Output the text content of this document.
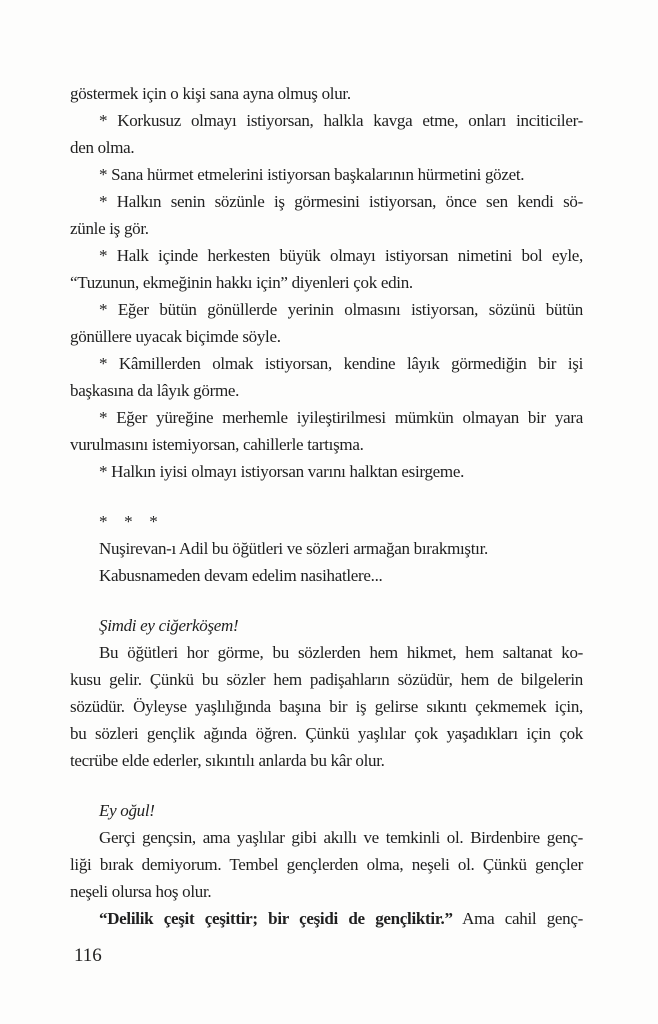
göstermek için o kişi sana ayna olmuş olur.
* Korkusuz olmayı istiyorsan, halkla kavga etme, onları inciticiler-
den olma.
* Sana hürmet etmelerini istiyorsan başkalarının hürmetini gözet.
* Halkın senin sözünle iş görmesini istiyorsan, önce sen kendi sö-
zünle iş gör.
* Halk içinde herkesten büyük olmayı istiyorsan nimetini bol eyle,
“Tuzunun, ekmeğinin hakkı için” diyenleri çok edin.
* Eğer bütün gönüllerde yerinin olmasını istiyorsan, sözünü bütün
gönüllere uyacak biçimde söyle.
* Kâmillerden olmak istiyorsan, kendine lâyık görmediğin bir işi
başkasına da lâyık görme.
* Eğer yüreğine merhemle iyileştirilmesi mümkün olmayan bir yara
vurulmasını istemiyorsan, cahillerle tartışma.
* Halkın iyisi olmayı istiyorsan varını halktan esirgeme.
* * *
Nuşirevan-ı Adil bu öğütleri ve sözleri armağan bırakmıştır.
Kabusnameden devam edelim nasihatlere...
Şimdi ey ciğerköşem!
Bu öğütleri hor görme, bu sözlerden hem hikmet, hem saltanat ko-
kusu gelir. Çünkü bu sözler hem padişahların sözüdür, hem de bilgelerin
sözüdür. Öyleyse yaşlılığında başına bir iş gelirse sıkıntı çekmemek için,
bu sözleri gençlik ağında öğren. Çünkü yaşlılar çok yaşadıkları için çok
tecrübe elde ederler, sıkıntılı anlarda bu kâr olur.
Ey oğul!
Gerçi gençsin, ama yaşlılar gibi akıllı ve temkinli ol. Birdenbire genç-
liği bırak demiyorum. Tembel gençlerden olma, neşeli ol. Çünkü gençler
neşeli olursa hoş olur.
“Delilik çeşit çeşittir; bir çeşidi de gençliktir.” Ama cahil genç-
116
